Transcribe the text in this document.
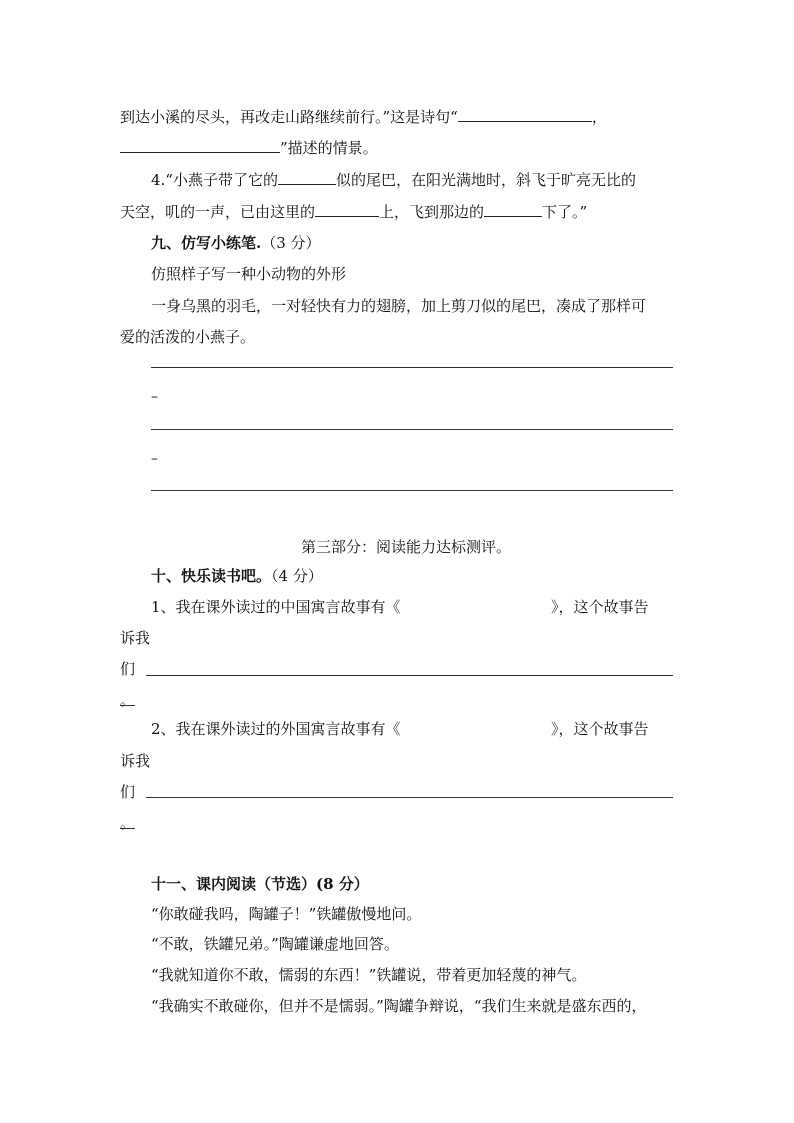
到达小溪的尽头，再改走山路继续前行。”这是诗句“	，
”描述的情景。
4.“小燕子带了它的	似的尾巴，在阳光满地时，斜飞于旷亮无比的
天空，叽的一声，已由这里的	上，飞到那边的	下了。”
九、仿写小练笔.（3 分）
仿照样子写一种小动物的外形
一身乌黑的羽毛，一对轻快有力的翅膀，加上剪刀似的尾巴，凑成了那样可
爱的活泼的小燕子。
–
–
第三部分：阅读能力达标测评。
十、快乐读书吧。（4 分）
1、我在课外读过的中国寓言故事有《	》，这个故事告
诉我
们
。
2、我在课外读过的外国寓言故事有《	》，这个故事告
诉我
们
。
十一、课内阅读（节选）(8 分）
“你敢碰我吗，陶罐子！”铁罐傲慢地问。
“不敢，铁罐兄弟。”陶罐谦虚地回答。
“我就知道你不敢，懦弱的东西！”铁罐说，带着更加轻蔑的神气。
“我确实不敢碰你，但并不是懦弱。”陶罐争辩说，“我们生来就是盛东西的，
